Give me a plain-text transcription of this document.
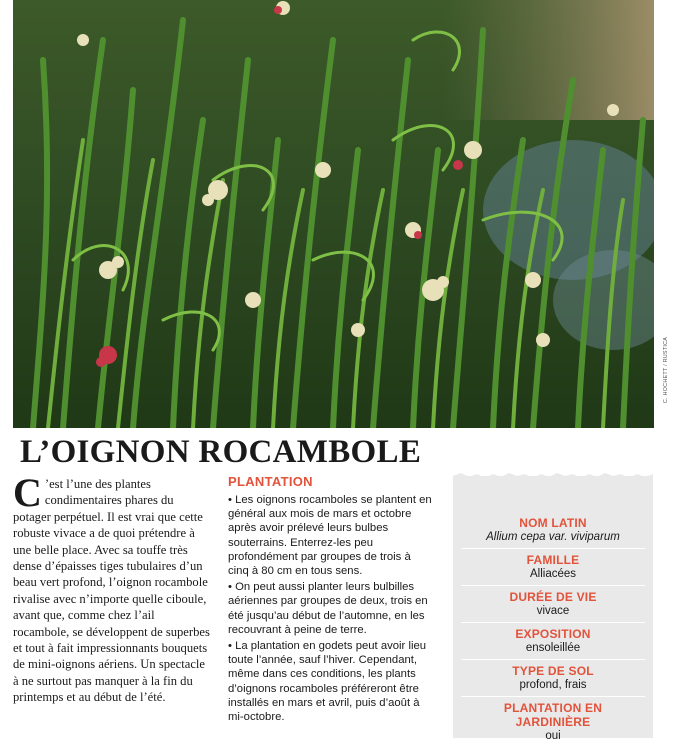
C. HOCHETT / RUSTICA
L’OIGNON ROCAMBOLE

C ’est l’une des plantes condimentaires phares du potager perpétuel. Il est vrai que cette robuste vivace a de quoi prétendre à une belle place. Avec sa touffe très dense d’épaisses tiges tubulaires d’un beau vert profond, l’oignon rocambole rivalise avec n’importe quelle ciboule, avant que, comme chez l’ail rocambole, se développent de superbes et tout à fait impressionnants bouquets de mini-oignons aériens. Un spectacle à ne surtout pas manquer à la fin du printemps et au début de l’été.

PLANTATION

• Les oignons rocamboles se plantent en général aux mois de mars et octobre après avoir prélevé leurs bulbes souterrains. Enterrez-les peu profondément par groupes de trois à cinq à 80 cm en tous sens.

• On peut aussi planter leurs bulbilles aériennes par groupes de deux, trois en été jusqu’au début de l’automne, en les recouvrant à peine de terre.

• La plantation en godets peut avoir lieu toute l’année, sauf l’hiver. Cependant, même dans ces conditions, les plants d’oignons rocamboles préféreront être installés en mars et avril, puis d’août à mi-octobre.

NOM LATIN
Allium cepa var. viviparum
FAMILLE
Alliacées
DURÉE DE VIE
vivace
EXPOSITION
ensoleillée
TYPE DE SOL
profond, frais
PLANTATION EN JARDINIÈRE
oui
